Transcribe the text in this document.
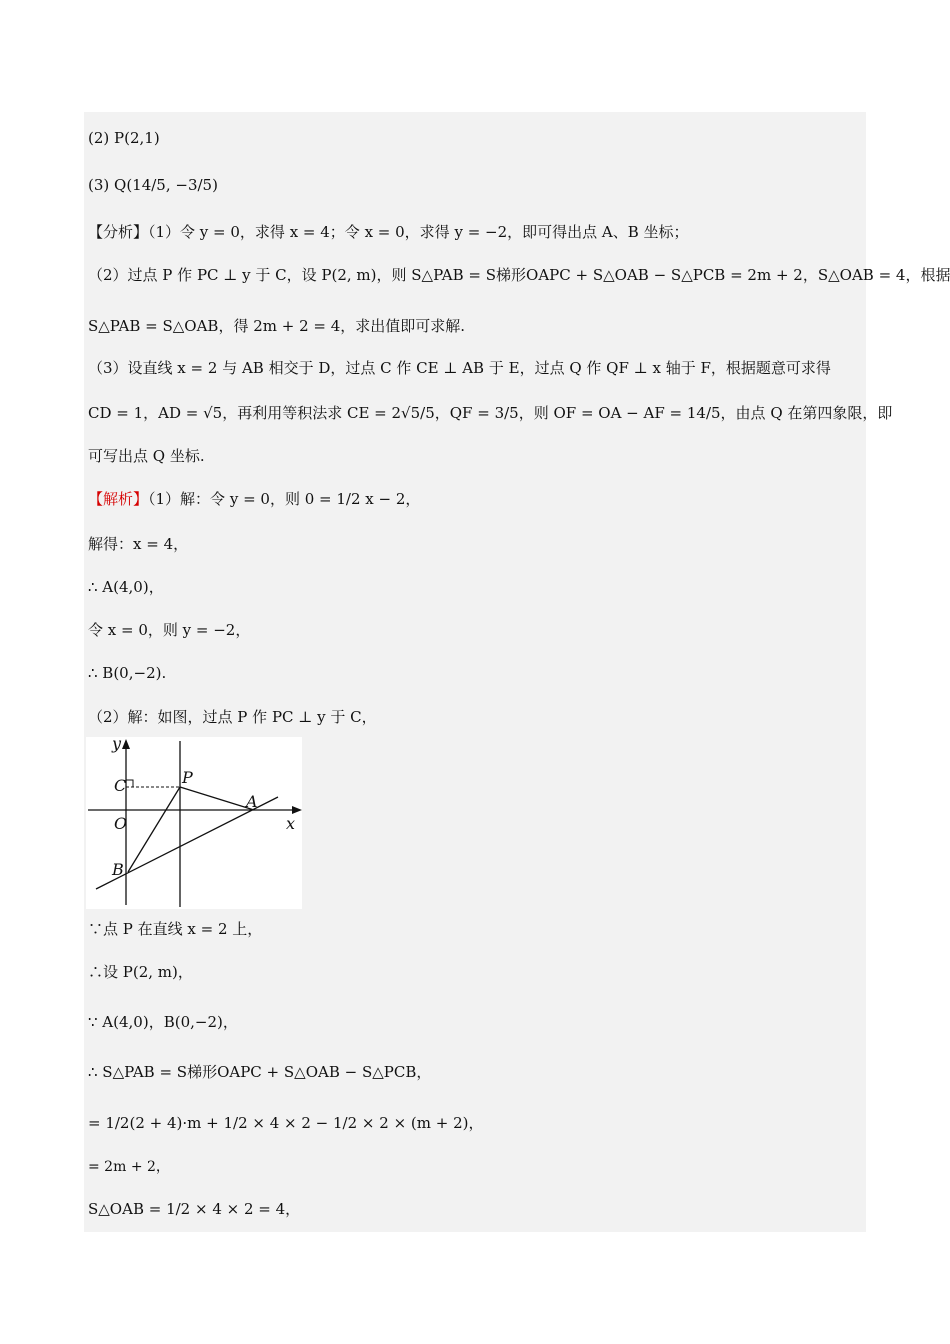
(2) P(2,1)
(3) Q(14/5, −3/5)
【分析】（1）令 y = 0，求得 x = 4；令 x = 0，求得 y = −2，即可得出点 A、B 坐标；
（2）过点 P 作 PC ⊥ y 于 C，设 P(2, m)，则 S△PAB = S梯形OAPC + S△OAB − S△PCB = 2m + 2，S△OAB = 4，根据
S△PAB = S△OAB，得 2m + 2 = 4，求出值即可求解.
（3）设直线 x = 2 与 AB 相交于 D，过点 C 作 CE ⊥ AB 于 E，过点 Q 作 QF ⊥ x 轴于 F，根据题意可求得
CD = 1，AD = √5，再利用等积法求 CE = 2√5/5，QF = 3/5，则 OF = OA − AF = 14/5，由点 Q 在第四象限，即
可写出点 Q 坐标.
【解析】（1）解：令 y = 0，则 0 = 1/2 x − 2，
解得：x = 4，
∴ A(4,0)，
令 x = 0，则 y = −2，
∴ B(0,−2).
（2）解：如图，过点 P 作 PC ⊥ y 于 C，
y
x
C	P
A
O
B
∵点 P 在直线 x = 2 上，
∴设 P(2, m)，
∵ A(4,0)，B(0,−2)，
∴ S△PAB = S梯形OAPC + S△OAB − S△PCB，
= 1/2(2 + 4)·m + 1/2 × 4 × 2 − 1/2 × 2 × (m + 2)，
= 2m + 2，
S△OAB = 1/2 × 4 × 2 = 4，
